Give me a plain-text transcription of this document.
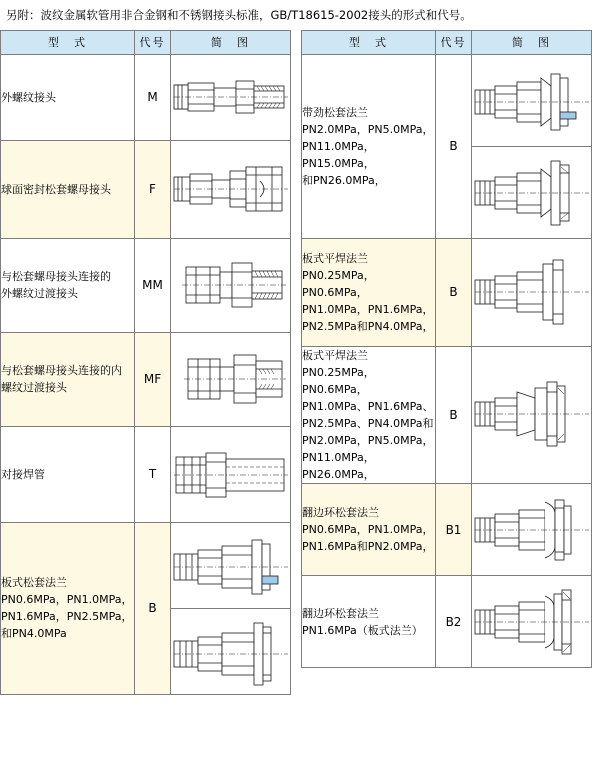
另附：波纹金属软管用非合金钢和不锈钢接头标准，GB/T18615-2002接头的形式和代号。
型　式	代号	简　图
外螺纹接头	M	

球面密封松套螺母接头	F	

与松套螺母接头连接的
外螺纹过渡接头	MM	

与松套螺母接头连接的内
螺纹过渡接头	MF	

对接焊管	T	

板式松套法兰
PN0.6MPa，PN1.0MPa，
PN1.6MPa，PN2.5MPa，
和PN4.0MPa	B	
型　式	代号	简　图

带劲松套法兰
PN2.0MPa，PN5.0MPa，
PN11.0MPa，PN15.0MPa，
和PN26.0MPa，	B	

板式平焊法兰
PN0.25MPa，PN0.6MPa，
PN1.0MPa，PN1.6MPa，
PN2.5MPa和PN4.0MPa，	B	

板式平焊法兰
PN0.25MPa，PN0.6MPa，
PN1.0MPa、PN1.6MPa、
PN2.5MPa、PN4.0MPa和
PN2.0MPa，PN5.0MPa，
PN11.0MPa，PN26.0MPa，
	B	

翻边环松套法兰
PN0.6MPa，PN1.0MPa，
PN1.6MPa和PN2.0MPa，	B1	

翻边环松套法兰
PN1.6MPa（板式法兰）	B2	
